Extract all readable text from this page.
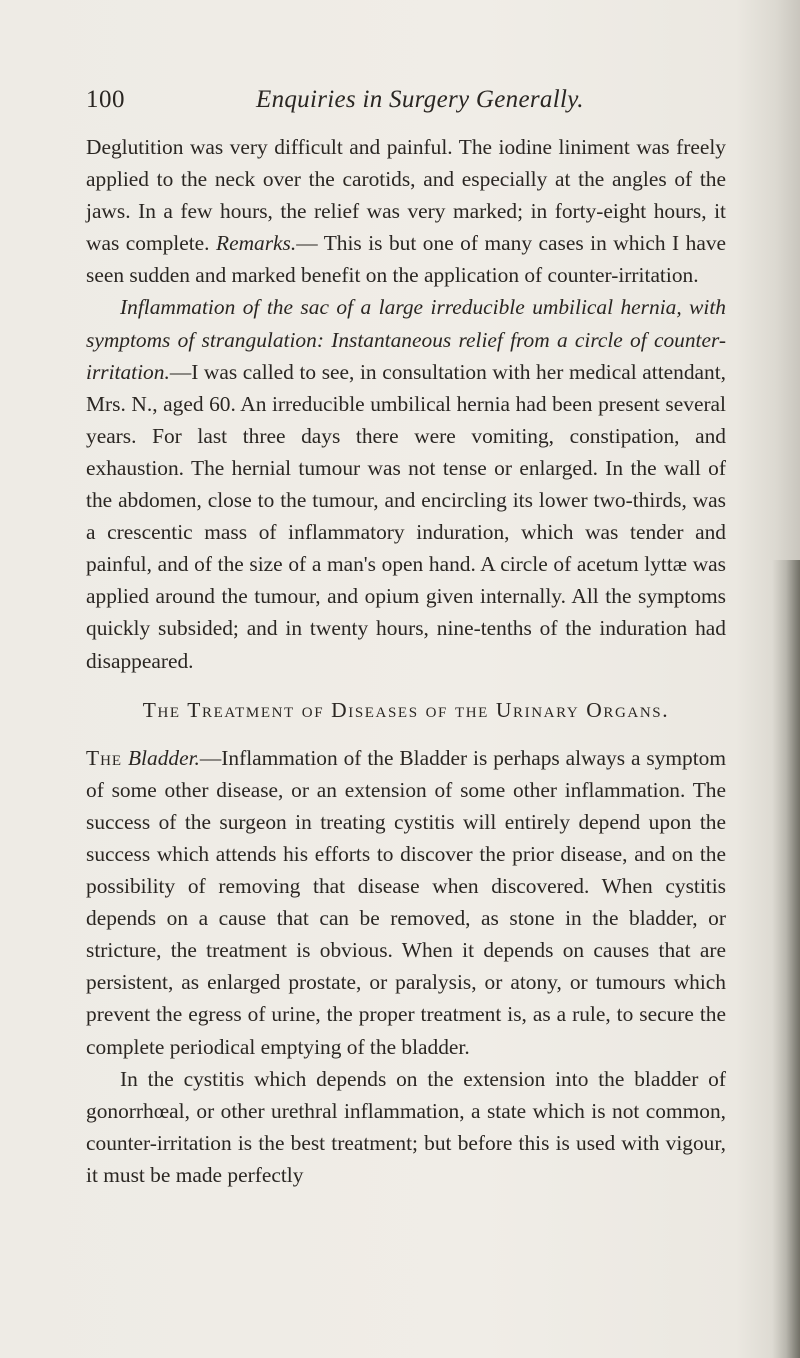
100	Enquiries in Surgery Generally.

Deglutition was very difficult and painful. The iodine liniment was freely applied to the neck over the carotids, and especially at the angles of the jaws. In a few hours, the relief was very marked; in forty-eight hours, it was complete. Remarks.— This is but one of many cases in which I have seen sudden and marked benefit on the application of counter-irritation.

Inflammation of the sac of a large irreducible umbilical hernia, with symptoms of strangulation: Instantaneous relief from a circle of counter-irritation.—I was called to see, in consultation with her medical attendant, Mrs. N., aged 60. An irreducible umbilical hernia had been present several years. For last three days there were vomiting, constipation, and exhaustion. The hernial tumour was not tense or enlarged. In the wall of the abdomen, close to the tumour, and encircling its lower two-thirds, was a crescentic mass of inflammatory induration, which was tender and painful, and of the size of a man's open hand. A circle of acetum lyttæ was applied around the tumour, and opium given internally. All the symptoms quickly subsided; and in twenty hours, nine-tenths of the induration had disappeared.

The Treatment of Diseases of the Urinary Organs.

The Bladder.—Inflammation of the Bladder is perhaps always a symptom of some other disease, or an extension of some other inflammation. The success of the surgeon in treating cystitis will entirely depend upon the success which attends his efforts to discover the prior disease, and on the possibility of removing that disease when discovered. When cystitis depends on a cause that can be removed, as stone in the bladder, or stricture, the treatment is obvious. When it depends on causes that are persistent, as enlarged prostate, or paralysis, or atony, or tumours which prevent the egress of urine, the proper treatment is, as a rule, to secure the complete periodical emptying of the bladder.

In the cystitis which depends on the extension into the bladder of gonorrhœal, or other urethral inflammation, a state which is not common, counter-irritation is the best treatment; but before this is used with vigour, it must be made perfectly
